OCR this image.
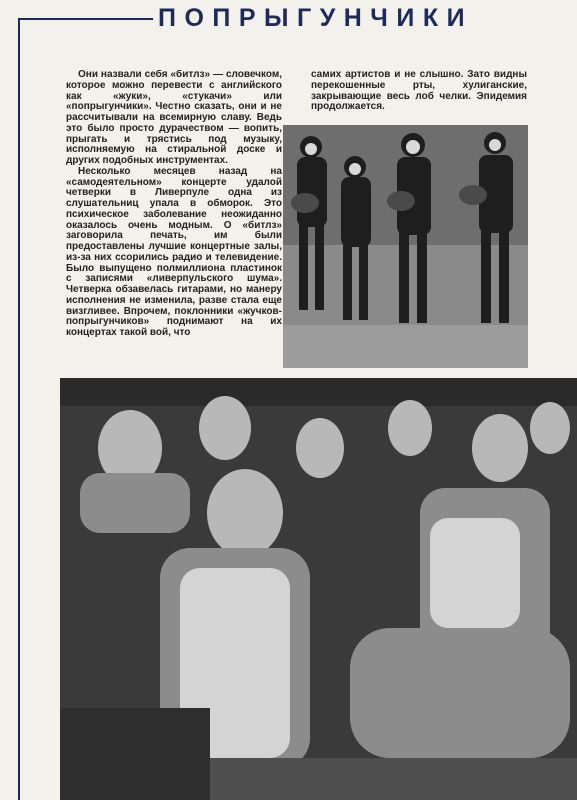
ПОПРЫГУНЧИКИ

Они назвали себя «битлз» — словечком, которое можно перевести с английского как «жуки», «стукачи» или «попрыгунчики». Честно сказать, они и не рассчитывали на всемирную славу. Ведь это было просто дурачеством — вопить, прыгать и трястись под музыку, исполняемую на стиральной доске и других подобных инструментах.

Несколько месяцев назад на «самодеятельном» концерте удалой четверки в Ливерпуле одна из слушательниц упала в обморок. Это психическое заболевание неожиданно оказалось очень модным. О «битлз» заговорила печать, им были предоставлены лучшие концертные залы, из-за них ссорились радио и телевидение. Было выпущено полмиллиона пластинок с записями «ливерпульского шума». Четверка обзавелась гитарами, но манеру исполнения не изменила, разве стала еще визгливее. Впрочем, поклонники «жучков-попрыгунчиков» поднимают на их концертах такой вой, что

самих артистов и не слышно. Зато видны перекошенные рты, хулиганские, закрывающие весь лоб челки. Эпидемия продолжается.
